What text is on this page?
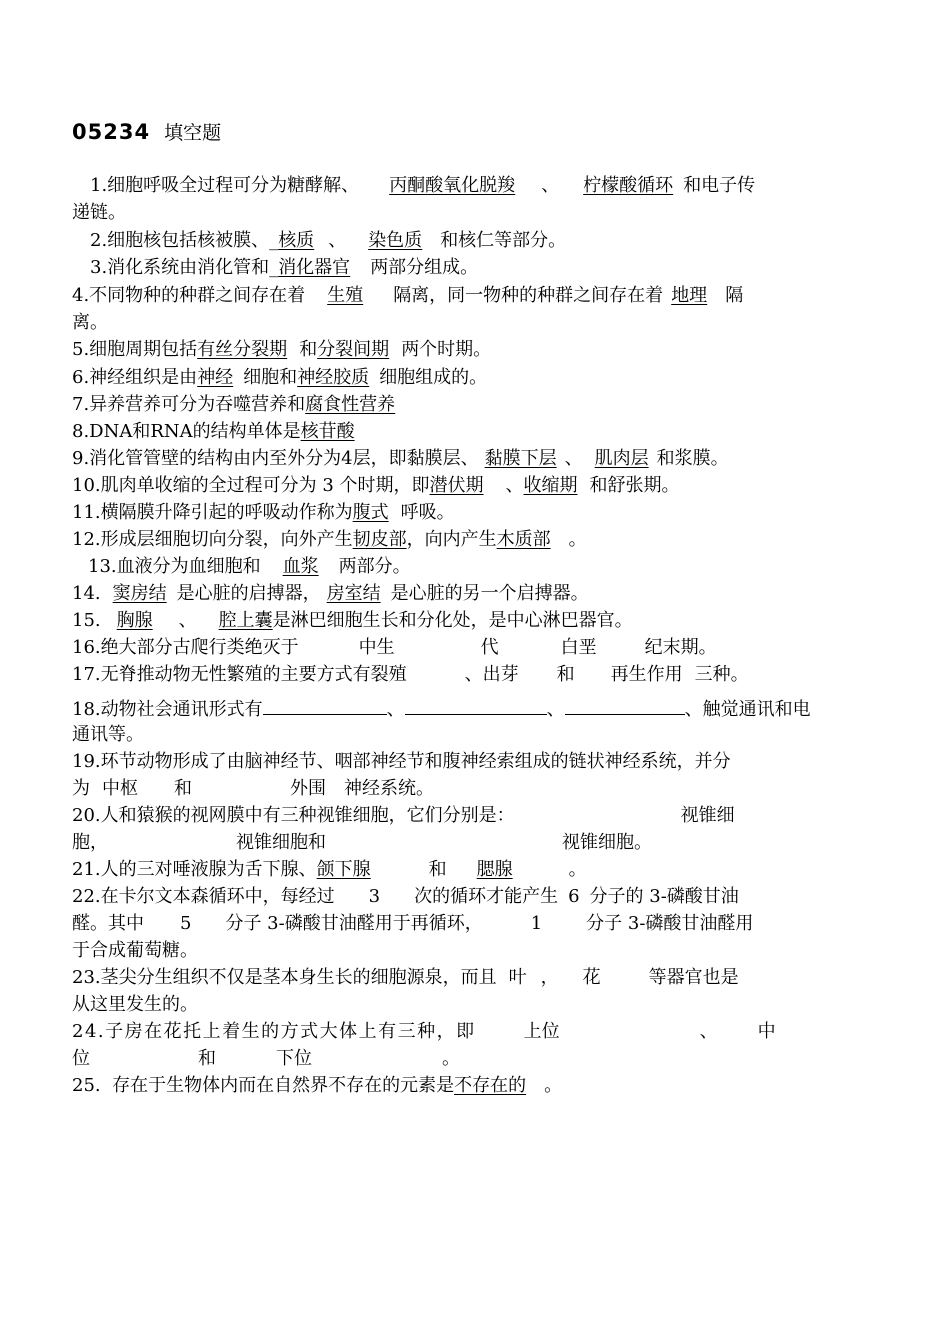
05234 填空题
1.细胞呼吸全过程可分为糖酵解、 丙酮酸氧化脱羧 、 柠檬酸循环 和电子传
递链。
2.细胞核包括核被膜、_核质 、 染色质 和核仁等部分。
3.消化系统由消化管和_消化器官 两部分组成。
4.不同物种的种群之间存在着 生殖 隔离，同一物种的种群之间存在着 地理 隔
离。
5.细胞周期包括有丝分裂期 和分裂间期 两个时期。
6.神经组织是由神经 细胞和神经胶质 细胞组成的。
7.异养营养可分为吞噬营养和腐食性营养
8.DNA和RNA的结构单体是核苷酸
9.消化管管壁的结构由内至外分为4层，即黏膜层、 黏膜下层 、 肌肉层 和浆膜。
10.肌肉单收缩的全过程可分为 3 个时期，即潜伏期 、收缩期 和舒张期。
11.横隔膜升降引起的呼吸动作称为腹式 呼吸。
12.形成层细胞切向分裂，向外产生韧皮部，向内产生木质部 。
13.血液分为血细胞和 血浆 两部分。
14. 窦房结 是心脏的启搏器， 房室结 是心脏的另一个启搏器。
15. 胸腺 、 腔上囊是淋巴细胞生长和分化处，是中心淋巴器官。
16.绝大部分古爬行类绝灭于	中生	代	白垩	纪末期。
17.无脊推动物无性繁殖的主要方式有裂殖	、出芽 和 再生作用 三种。
18.动物社会通讯形式有	、	、	、触觉通讯和电
通讯等。
19.环节动物形成了由脑神经节、咽部神经节和腹神经索组成的链状神经系统，并分
为 中枢 和	外围 神经系统。
20.人和猿猴的视网膜中有三种视锥细胞，它们分别是：	视锥细
胞，	视锥细胞和	视锥细胞。
21.人的三对唾液腺为舌下腺、颌下腺	和 腮腺	。
22.在卡尔文本森循环中，每经过 3 次的循环才能产生 6 分子的 3-磷酸甘油
醛。其中 5 分子 3-磷酸甘油醛用于再循环，	1 分子 3-磷酸甘油醛用
于合成葡萄糖。
23.茎尖分生组织不仅是茎本身生长的细胞源泉，而且 叶 ， 花	等器官也是
从这里发生的。
24.子房在花托上着生的方式大体上有三种，即	上位	、 中
位	和	下位	。
25.  存在于生物体内而在自然界不存在的元素是不存在的 。
